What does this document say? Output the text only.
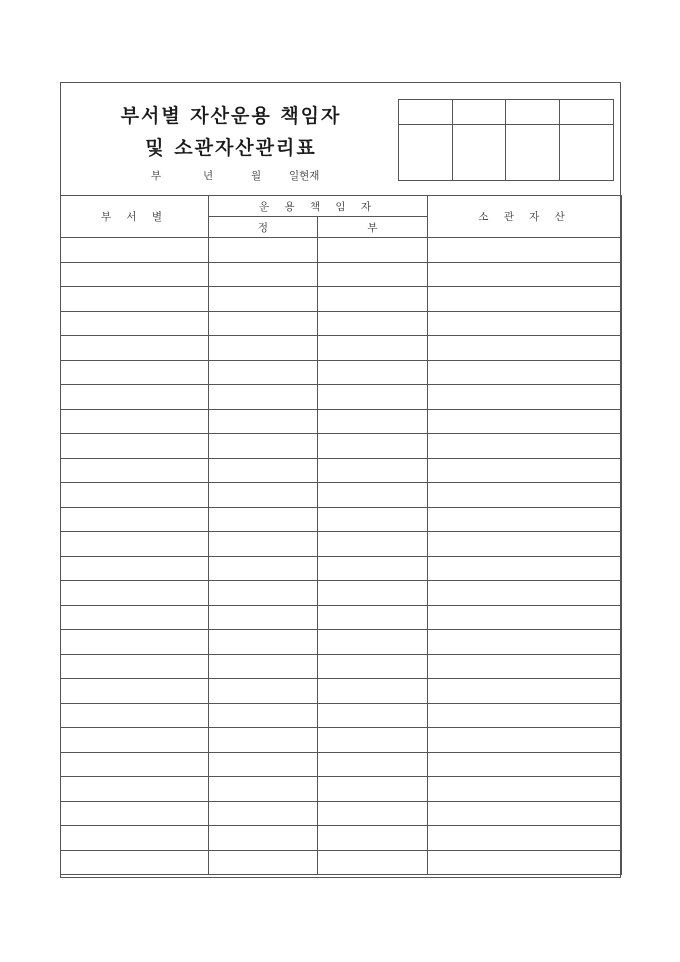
부서별 자산운용 책임자
및 소관자산관리표
부	년	월	일현재
부 서 별	운 용 책 임 자		소 관 자 산
	정	부	
